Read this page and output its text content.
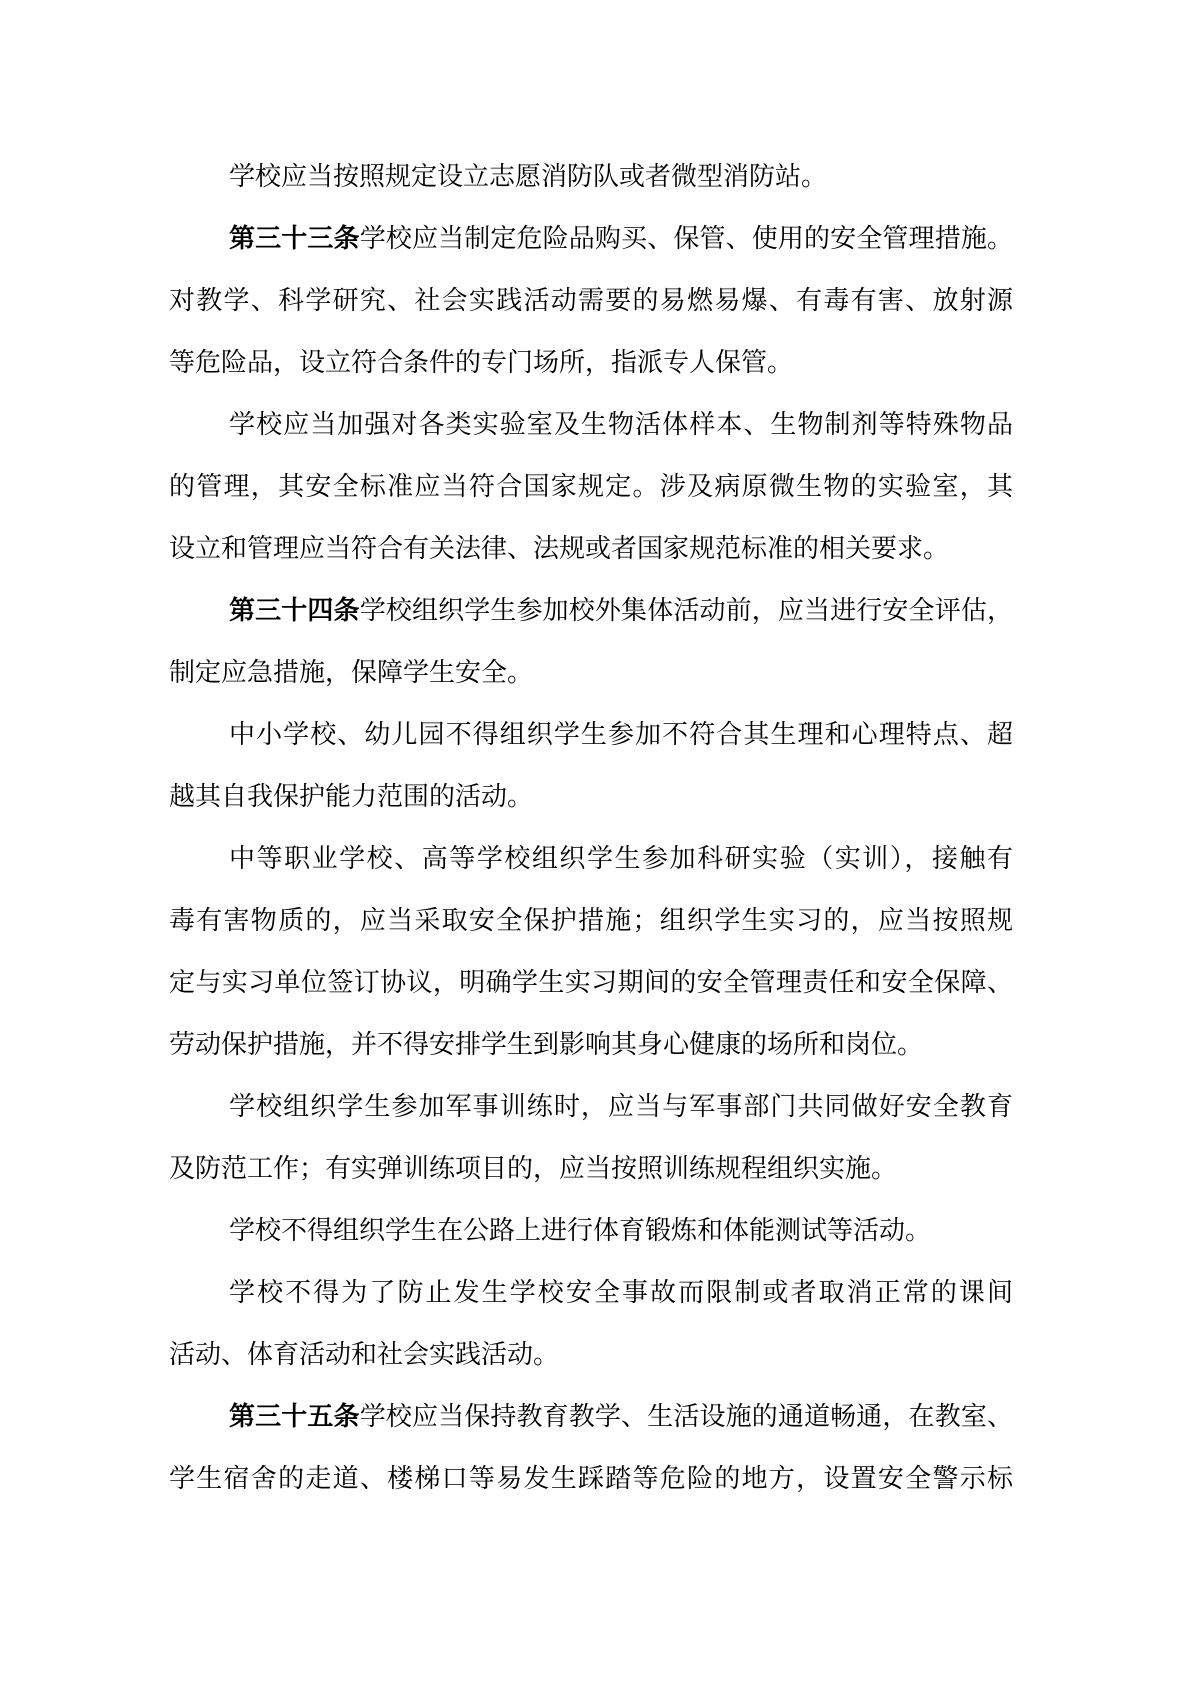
学校应当按照规定设立志愿消防队或者微型消防站。
第三十三条学校应当制定危险品购买、保管、使用的安全管理措施。
对教学、科学研究、社会实践活动需要的易燃易爆、有毒有害、放射源
等危险品，设立符合条件的专门场所，指派专人保管。
学校应当加强对各类实验室及生物活体样本、生物制剂等特殊物品
的管理，其安全标准应当符合国家规定。涉及病原微生物的实验室，其
设立和管理应当符合有关法律、法规或者国家规范标准的相关要求。
第三十四条学校组织学生参加校外集体活动前，应当进行安全评估，
制定应急措施，保障学生安全。
中小学校、幼儿园不得组织学生参加不符合其生理和心理特点、超
越其自我保护能力范围的活动。
中等职业学校、高等学校组织学生参加科研实验（实训），接触有
毒有害物质的，应当采取安全保护措施；组织学生实习的，应当按照规
定与实习单位签订协议，明确学生实习期间的安全管理责任和安全保障、
劳动保护措施，并不得安排学生到影响其身心健康的场所和岗位。
学校组织学生参加军事训练时，应当与军事部门共同做好安全教育
及防范工作；有实弹训练项目的，应当按照训练规程组织实施。
学校不得组织学生在公路上进行体育锻炼和体能测试等活动。
学校不得为了防止发生学校安全事故而限制或者取消正常的课间
活动、体育活动和社会实践活动。
第三十五条学校应当保持教育教学、生活设施的通道畅通，在教室、
学生宿舍的走道、楼梯口等易发生踩踏等危险的地方，设置安全警示标
